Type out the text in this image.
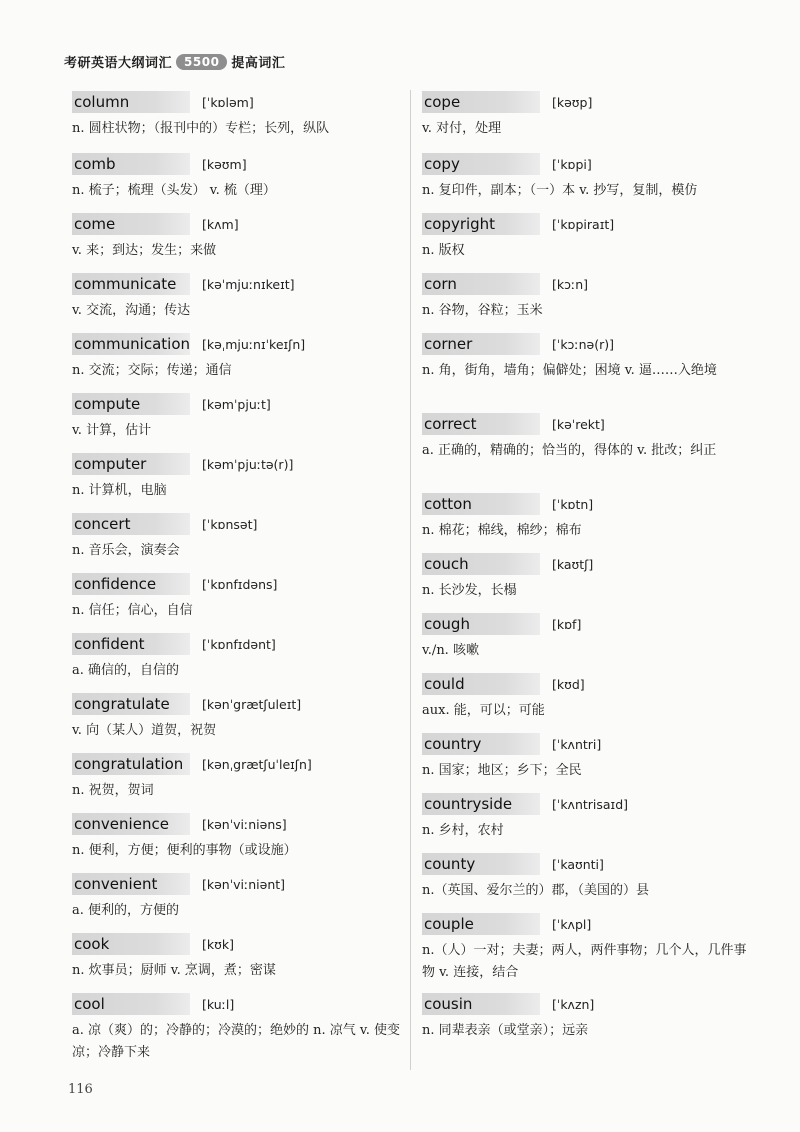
考研英语大纲词汇	5500 提高词汇
column	[ˈkɒləm]
n. 圆柱状物；（报刊中的）专栏；长列，纵队
comb	[kəʊm]
n. 梳子；梳理（头发） v. 梳（理）
come	[kʌm]
v. 来；到达；发生；来做
communicate	[kəˈmjuːnɪkeɪt]
v. 交流，沟通；传达
communication [kəˌmjuːnɪˈkeɪʃn]
n. 交流；交际；传递；通信
compute	[kəmˈpjuːt]
v. 计算，估计
computer	[kəmˈpjuːtə(r)]
n. 计算机，电脑
concert	[ˈkɒnsət]
n. 音乐会，演奏会
confidence	[ˈkɒnfɪdəns]
n. 信任；信心，自信
confident	[ˈkɒnfɪdənt]
a. 确信的，自信的
congratulate	[kənˈgrætʃuleɪt]
v. 向（某人）道贺，祝贺
congratulation	[kənˌgrætʃuˈleɪʃn]
n. 祝贺，贺词
convenience	[kənˈviːniəns]
n. 便利，方便；便利的事物（或设施）
convenient	[kənˈviːniənt]
a. 便利的，方便的
cook	[kʊk]
n. 炊事员；厨师 v. 烹调，煮；密谋
cool	[kuːl]
a. 凉（爽）的；冷静的；冷漠的；绝妙的 n. 凉气 v. 使变凉；冷静下来
cope	[kəʊp]
v. 对付，处理
copy	[ˈkɒpi]
n. 复印件，副本；（一）本 v. 抄写，复制，模仿
copyright	[ˈkɒpiraɪt]
n. 版权
corn	[kɔːn]
n. 谷物，谷粒；玉米
corner	[ˈkɔːnə(r)]
n. 角，街角，墙角；偏僻处；困境 v. 逼……入绝境
correct	[kəˈrekt]
a. 正确的，精确的；恰当的，得体的 v. 批改；纠正
cotton	[ˈkɒtn]
n. 棉花；棉线，棉纱；棉布
couch	[kaʊtʃ]
n. 长沙发，长榻
cough	[kɒf]
v./n. 咳嗽
could	[kʊd]
aux. 能，可以；可能
country	[ˈkʌntri]
n. 国家；地区；乡下；全民
countryside	[ˈkʌntrisaɪd]
n. 乡村，农村
county	[ˈkaʊnti]
n.（英国、爱尔兰的）郡，（美国的）县
couple	[ˈkʌpl]
n.（人）一对；夫妻；两人，两件事物；几个人，几件事物 v. 连接，结合
cousin	[ˈkʌzn]
n. 同辈表亲（或堂亲）；远亲
116
